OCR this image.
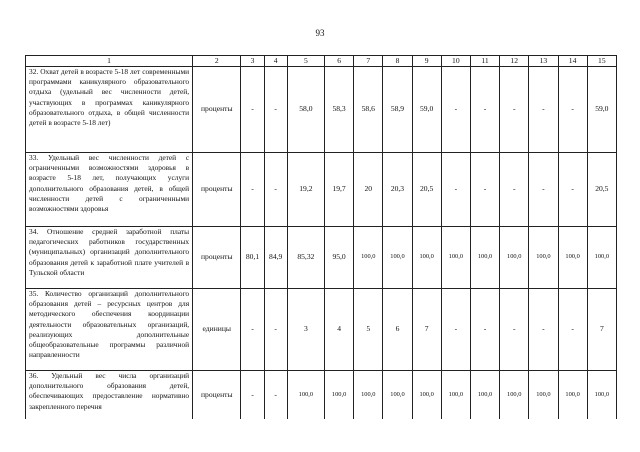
93
1	2	3	4	5	6	7	8	9	10	11	12	13	14	15
32. Охват детей в возрасте 5-18 лет современными программами каникулярного образовательного отдыха (удельный вес численности детей, участвующих в программах каникулярного образовательного отдыха, в общей численности детей в возрасте 5-18 лет)	проценты	-	-	58,0	58,3	58,6	58,9	59,0	-	-	-	-	-	59,0
33. Удельный вес численности детей с ограниченными возможностями здоровья в возрасте 5-18 лет, получающих услуги дополнительного образования детей, в общей численности детей с ограниченными возможностями здоровья	проценты	-	-	19,2	19,7	20	20,3	20,5	-	-	-	-	-	20,5
34. Отношение средней заработной платы педагогических работников государственных (муниципальных) организаций дополнительного образования детей к заработной плате учителей в Тульской области	проценты	80,1	84,9	85,32	95,0	100,0	100,0	100,0	100,0	100,0	100,0	100,0	100,0	100,0
35. Количество организаций дополнительного образования детей – ресурсных центров для методического обеспечения координации деятельности образовательных организаций, реализующих дополнительные общеобразовательные программы различной направленности	единицы	-	-	3	4	5	6	7	-	-	-	-	-	7
36. Удельный вес числа организаций дополнительного образования детей, обеспечивающих предоставление нормативно закрепленного перечня	проценты	-	-	100,0	100,0	100,0	100,0	100,0	100,0	100,0	100,0	100,0	100,0	100,0
